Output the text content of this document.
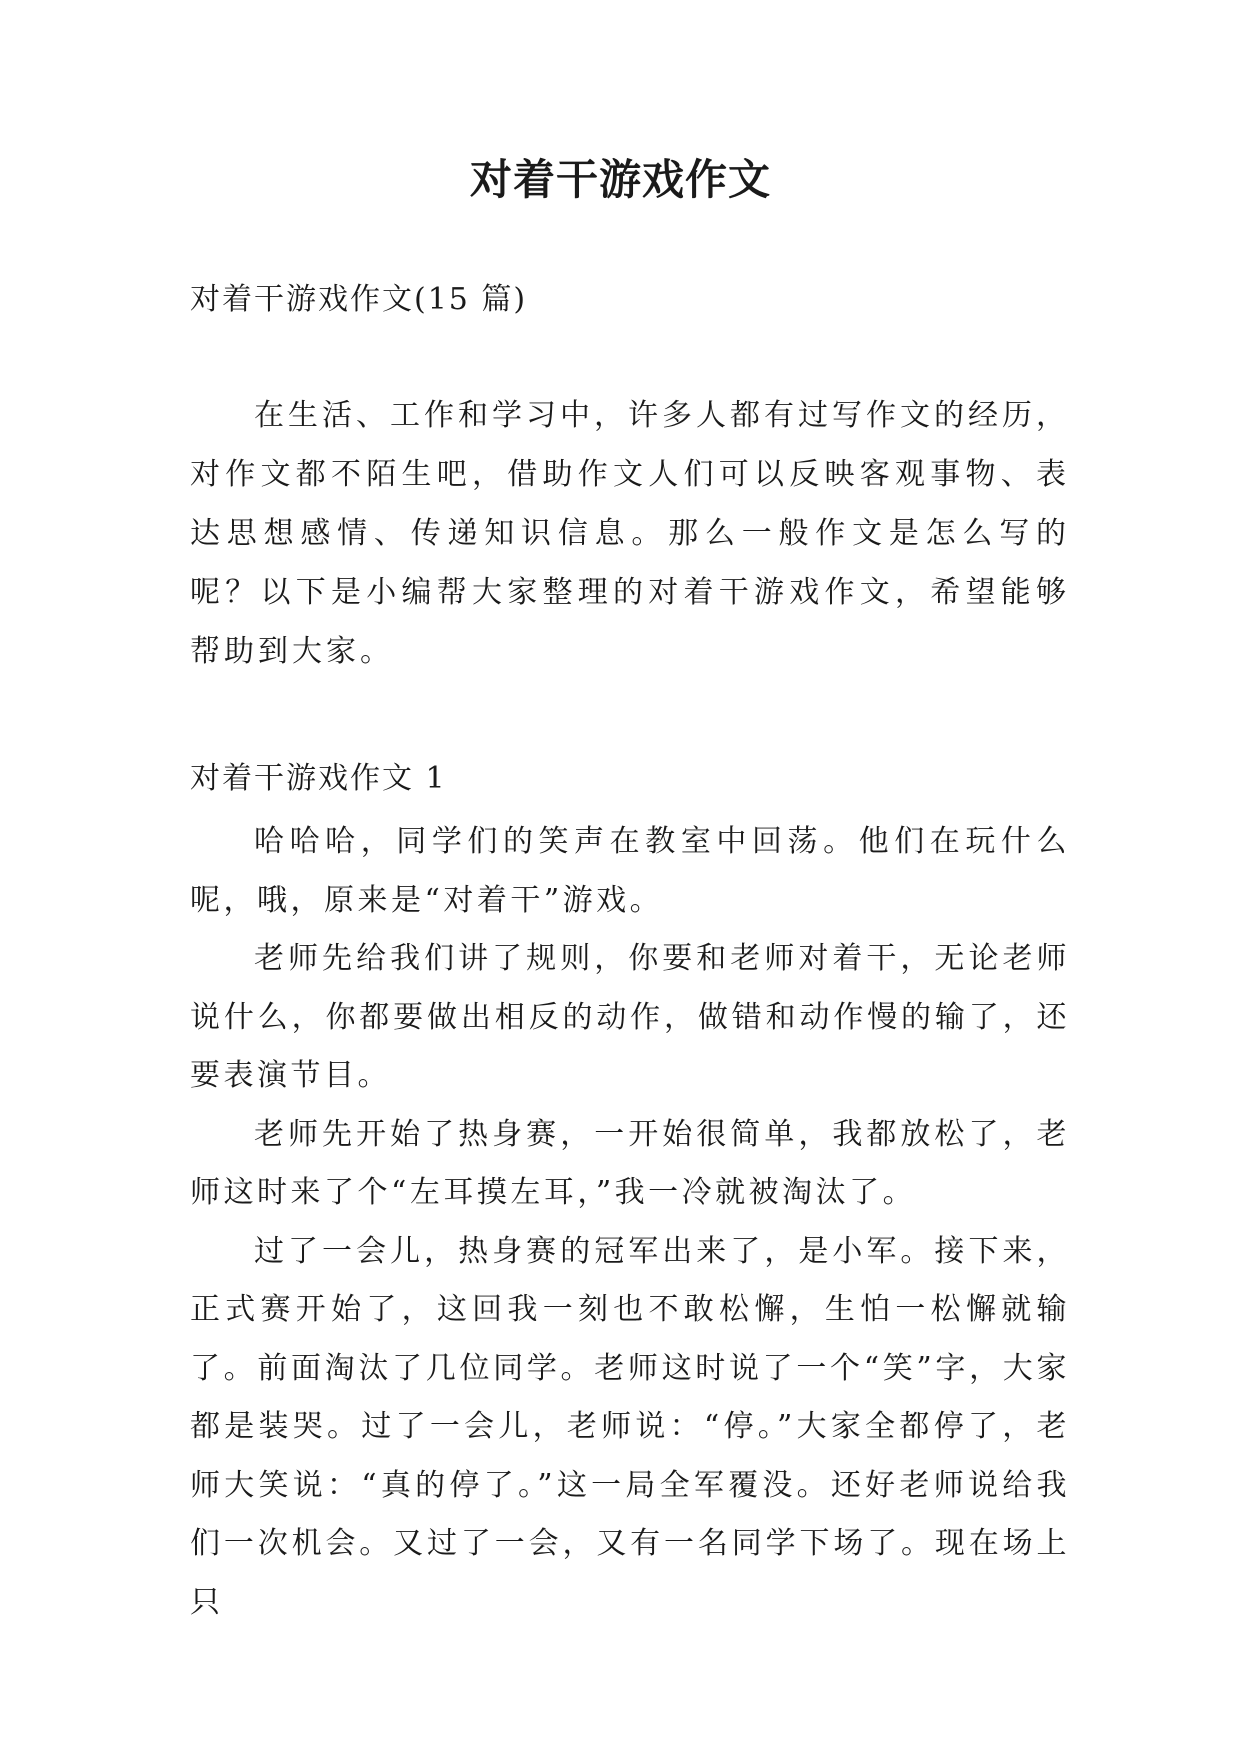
对着干游戏作文

对着干游戏作文(15 篇)

在生活、工作和学习中，许多人都有过写作文的经历，对作文都不陌生吧，借助作文人们可以反映客观事物、表达思想感情、传递知识信息。那么一般作文是怎么写的呢？以下是小编帮大家整理的对着干游戏作文，希望能够帮助到大家。

对着干游戏作文 1

哈哈哈，同学们的笑声在教室中回荡。他们在玩什么呢，哦，原来是“对着干”游戏。

老师先给我们讲了规则，你要和老师对着干，无论老师说什么，你都要做出相反的动作，做错和动作慢的输了，还要表演节目。

老师先开始了热身赛，一开始很简单，我都放松了，老师这时来了个“左耳摸左耳，”我一冷就被淘汰了。

过了一会儿，热身赛的冠军出来了，是小军。接下来，正式赛开始了，这回我一刻也不敢松懈，生怕一松懈就输了。前面淘汰了几位同学。老师这时说了一个“笑”字，大家都是装哭。过了一会儿，老师说：“停。”大家全都停了，老师大笑说：“真的停了。”这一局全军覆没。还好老师说给我们一次机会。又过了一会，又有一名同学下场了。现在场上只
